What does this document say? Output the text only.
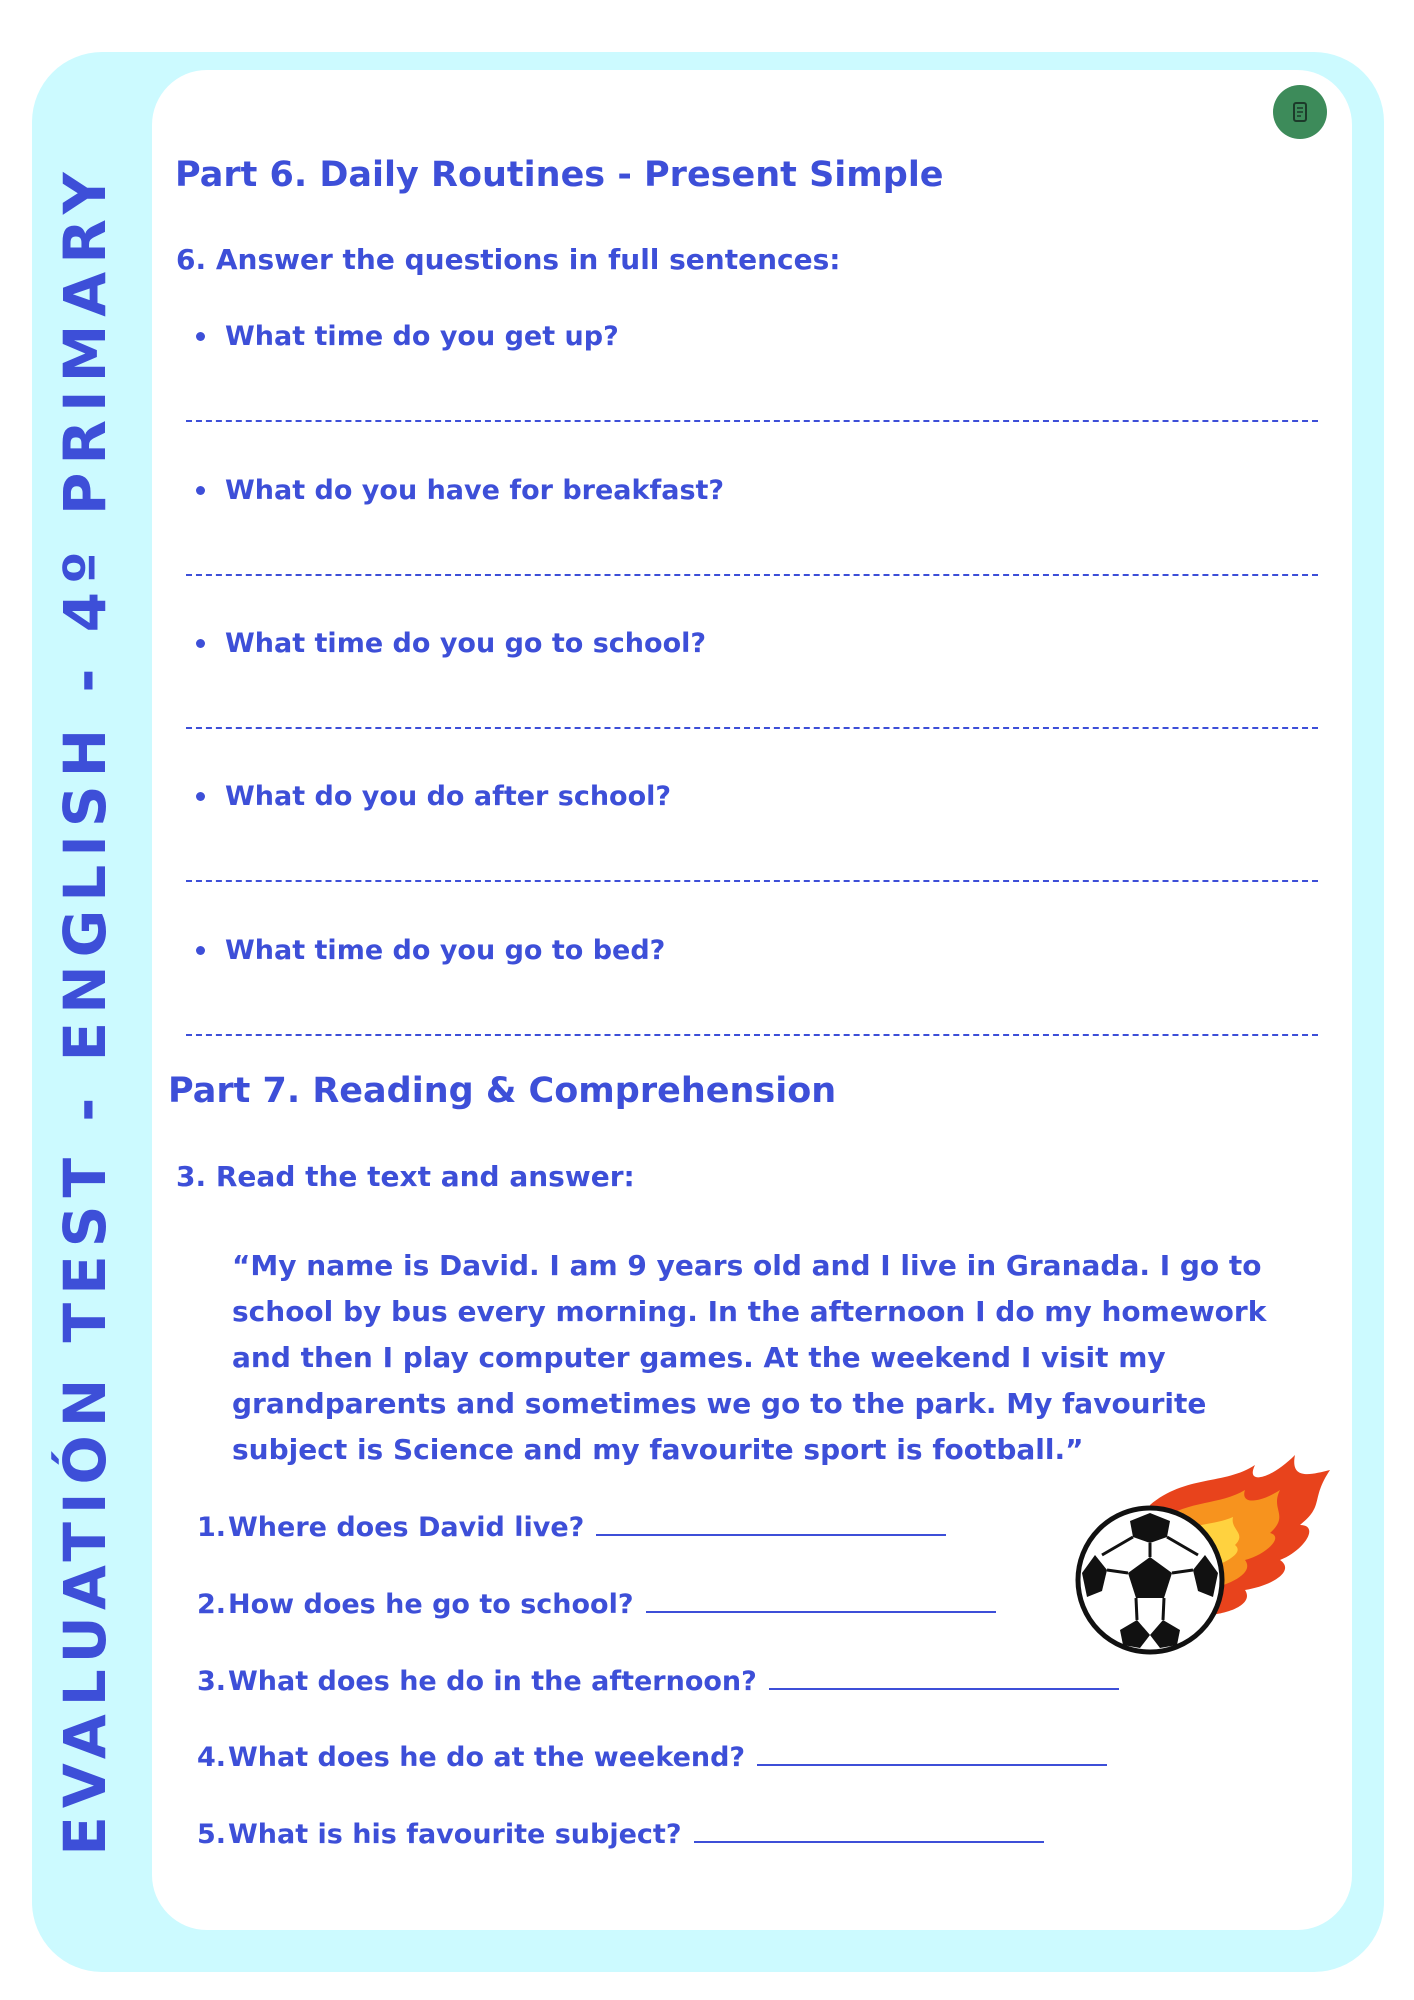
EVALUATIÓN TEST - ENGLISH - 4º PRIMARY Part 6. Daily Routines - Present Simple

6. Answer the questions in full sentences:

What time do you get up?
What do you have for breakfast?
What time do you go to school?
What do you do after school?
What time do you go to bed?
Part 7. Reading & Comprehension

3. Read the text and answer:

“My name is David. I am 9 years old and I live in Granada. I go to school by bus every morning. In the afternoon I do my homework and then I play computer games. At the weekend I visit my grandparents and sometimes we go to the park. My favourite subject is Science and my favourite sport is football.”

1. Where does David live?
2. How does he go to school?
3. What does he do in the afternoon?
4. What does he do at the weekend?
5. What is his favourite subject?
